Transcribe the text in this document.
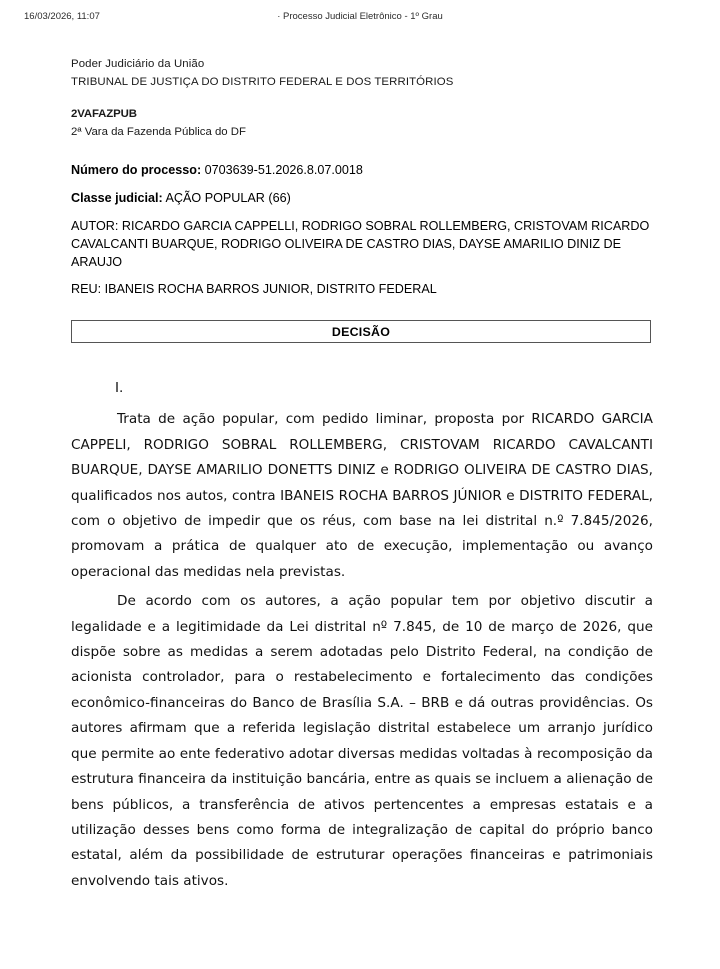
16/03/2026, 11:07	· Processo Judicial Eletrônico - 1º Grau
Poder Judiciário da União
TRIBUNAL DE JUSTIÇA DO DISTRITO FEDERAL E DOS TERRITÓRIOS
2VAFAZPUB
2ª Vara da Fazenda Pública do DF
Número do processo: 0703639-51.2026.8.07.0018
Classe judicial: AÇÃO POPULAR (66)
AUTOR: RICARDO GARCIA CAPPELLI, RODRIGO SOBRAL ROLLEMBERG, CRISTOVAM RICARDO CAVALCANTI BUARQUE, RODRIGO OLIVEIRA DE CASTRO DIAS, DAYSE AMARILIO DINIZ DE ARAUJO
REU: IBANEIS ROCHA BARROS JUNIOR, DISTRITO FEDERAL
DECISÃO
I.

Trata de ação popular, com pedido liminar, proposta por RICARDO GARCIA CAPPELI, RODRIGO SOBRAL ROLLEMBERG, CRISTOVAM RICARDO CAVALCANTI BUARQUE, DAYSE AMARILIO DONETTS DINIZ e RODRIGO OLIVEIRA DE CASTRO DIAS, qualificados nos autos, contra IBANEIS ROCHA BARROS JÚNIOR e DISTRITO FEDERAL, com o objetivo de impedir que os réus, com base na lei distrital n.º 7.845/2026, promovam a prática de qualquer ato de execução, implementação ou avanço operacional das medidas nela previstas.

De acordo com os autores, a ação popular tem por objetivo discutir a legalidade e a legitimidade da Lei distrital nº 7.845, de 10 de março de 2026, que dispõe sobre as medidas a serem adotadas pelo Distrito Federal, na condição de acionista controlador, para o restabelecimento e fortalecimento das condições econômico-financeiras do Banco de Brasília S.A. – BRB e dá outras providências. Os autores afirmam que a referida legislação distrital estabelece um arranjo jurídico que permite ao ente federativo adotar diversas medidas voltadas à recomposição da estrutura financeira da instituição bancária, entre as quais se incluem a alienação de bens públicos, a transferência de ativos pertencentes a empresas estatais e a utilização desses bens como forma de integralização de capital do próprio banco estatal, além da possibilidade de estruturar operações financeiras e patrimoniais envolvendo tais ativos.
